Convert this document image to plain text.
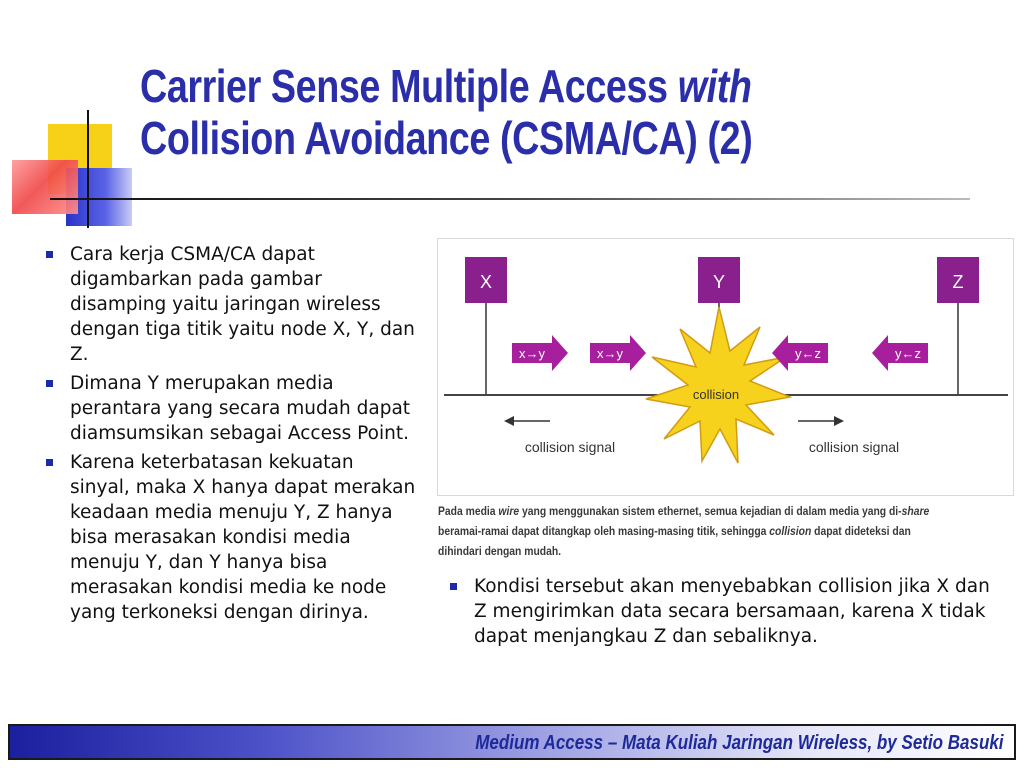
Carrier Sense Multiple Access with
Collision Avoidance (CSMA/CA) (2)
Cara kerja CSMA/CA dapat digambarkan pada gambar disamping yaitu jaringan wireless dengan tiga titik yaitu node X, Y, dan Z.
Dimana Y merupakan media perantara yang secara mudah dapat diamsumsikan sebagai Access Point.
Karena keterbatasan kekuatan sinyal, maka X hanya dapat merakan keadaan media menuju Y, Z hanya bisa merasakan kondisi media menuju Y, dan Y hanya bisa merasakan kondisi media ke node yang terkoneksi dengan dirinya.
X	Y	Z
collision
x→y	x→y	y←z	y←z
collision signal	collision signal
Pada media wire yang menggunakan sistem ethernet, semua kejadian di dalam media yang di-share beramai-ramai dapat ditangkap oleh masing-masing titik, sehingga collision dapat dideteksi dan dihindari dengan mudah.
Kondisi tersebut akan menyebabkan collision jika X dan Z mengirimkan data secara bersamaan, karena X tidak dapat menjangkau Z dan sebaliknya.
Medium Access – Mata Kuliah Jaringan Wireless, by Setio Basuki
